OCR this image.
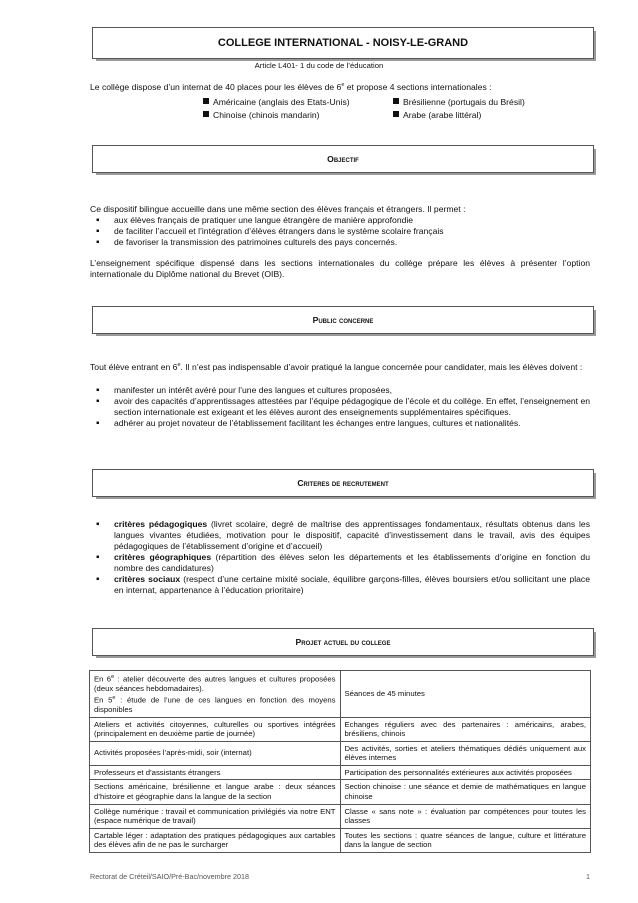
COLLEGE INTERNATIONAL - NOISY-LE-GRAND
Article L401- 1 du code de l’éducation

Le collège dispose d’un internat de 40 places pour les élèves de 6e et propose 4 sections internationales :

Américaine (anglais des Etats-Unis)	Brésilienne (portugais du Brésil)
Chinoise (chinois mandarin)	Arabe (arabe littéral)
Objectif

Ce dispositif bilingue accueille dans une même section des élèves français et étrangers. Il permet :

▪ aux élèves français de pratiquer une langue étrangère de manière approfondie
▪ de faciliter l’accueil et l’intégration d’élèves étrangers dans le système scolaire français
▪ de favoriser la transmission des patrimoines culturels des pays concernés.

L’enseignement spécifique dispensé dans les sections internationales du collège prépare les élèves à présenter l’option internationale du Diplôme national du Brevet (OIB).

Public concerne

Tout élève entrant en 6e. Il n’est pas indispensable d’avoir pratiqué la langue concernée pour candidater, mais les élèves doivent :

▪ manifester un intérêt avéré pour l’une des langues et cultures proposées,
▪ avoir des capacités d’apprentissages attestées par l’équipe pédagogique de l’école et du collège. En effet, l’enseignement en section internationale est exigeant et les élèves auront des enseignements supplémentaires spécifiques.
▪ adhérer au projet novateur de l’établissement facilitant les échanges entre langues, cultures et nationalités.
Criteres de recrutement
▪ critères pédagogiques (livret scolaire, degré de maîtrise des apprentissages fondamentaux, résultats obtenus dans les langues vivantes étudiées, motivation pour le dispositif, capacité d’investissement dans le travail, avis des équipes pédagogiques de l’établissement d’origine et d’accueil)
▪ critères géographiques (répartition des élèves selon les départements et les établissements d’origine en fonction du nombre des candidatures)
▪ critères sociaux (respect d’une certaine mixité sociale, équilibre garçons-filles, élèves boursiers et/ou sollicitant une place en internat, appartenance à l’éducation prioritaire)
Projet actuel du college
En 6e : atelier découverte des autres langues et cultures proposées (deux séances hebdomadaires).
En 5e : étude de l’une de ces langues en fonction des moyens disponibles	Séances de 45 minutes
Ateliers et activités citoyennes, culturelles ou sportives intégrées (principalement en deuxième partie de journée)	Echanges réguliers avec des partenaires : américains, arabes, brésiliens, chinois
Activités proposées l’après-midi, soir (internat)	Des activités, sorties et ateliers thématiques dédiés uniquement aux élèves internes
Professeurs et d’assistants étrangers	Participation des personnalités extérieures aux activités proposées
Sections américaine, brésilienne et langue arabe : deux séances d’histoire et géographie dans la langue de la section	Section chinoise : une séance et demie de mathématiques en langue chinoise
Collège numérique : travail et communication privilégiés via notre ENT (espace numérique de travail)	Classe « sans note » : évaluation par compétences pour toutes les classes
Cartable léger : adaptation des pratiques pédagogiques aux cartables des élèves afin de ne pas le surcharger	Toutes les sections : quatre séances de langue, culture et littérature dans la langue de section
Rectorat de Créteil/SAIO/Pré-Bac/novembre 2018	1
